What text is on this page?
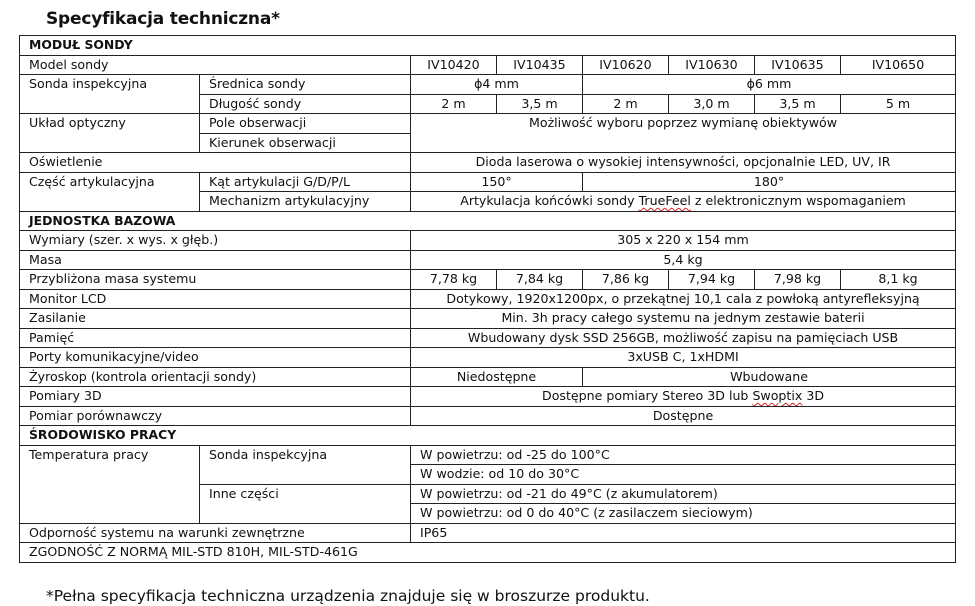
Specyfikacja techniczna*
MODUŁ SONDY							
Model sondy		IV10420	IV10435	IV10620	IV10630	IV10635	IV10650
Sonda inspekcyjna	Średnica sondy	ɸ4 mm		ɸ6 mm			
	Długość sondy	2 m	3,5 m	2 m	3,0 m	3,5 m	5 m
Układ optyczny	Pole obserwacji	Możliwość wyboru poprzez wymianę obiektywów					
	Kierunek obserwacji						
Oświetlenie		Dioda laserowa o wysokiej intensywności, opcjonalnie LED, UV, IR					
Część artykulacyjna	Kąt artykulacji G/D/P/L	150°		180°			
	Mechanizm artykulacyjny	Artykulacja końcówki sondy TrueFeel z elektronicznym wspomaganiem					
JEDNOSTKA BAZOWA							
Wymiary (szer. x wys. x głęb.)		305 x 220 x 154 mm					
Masa		5,4 kg					
Przybliżona masa systemu		7,78 kg	7,84 kg	7,86 kg	7,94 kg	7,98 kg	8,1 kg
Monitor LCD		Dotykowy, 1920x1200px, o przekątnej 10,1 cala z powłoką antyrefleksyjną					
Zasilanie		Min. 3h pracy całego systemu na jednym zestawie baterii					
Pamięć		Wbudowany dysk SSD 256GB, możliwość zapisu na pamięciach USB					
Porty komunikacyjne/video		3xUSB C, 1xHDMI					
Żyroskop (kontrola orientacji sondy)		Niedostępne		Wbudowane			
Pomiary 3D		Dostępne pomiary Stereo 3D lub Swoptix 3D					
Pomiar porównawczy		Dostępne					
ŚRODOWISKO PRACY							
Temperatura pracy	Sonda inspekcyjna	W powietrzu: od -25 do 100°C					
		W wodzie: od 10 do 30°C					
	Inne części	W powietrzu: od -21 do 49°C (z akumulatorem)					
		W powietrzu: od 0 do 40°C (z zasilaczem sieciowym)					
Odporność systemu na warunki zewnętrzne		IP65					
ZGODNOŚĆ Z NORMĄ MIL-STD 810H, MIL-STD-461G							
*Pełna specyfikacja techniczna urządzenia znajduje się w broszurze produktu.
